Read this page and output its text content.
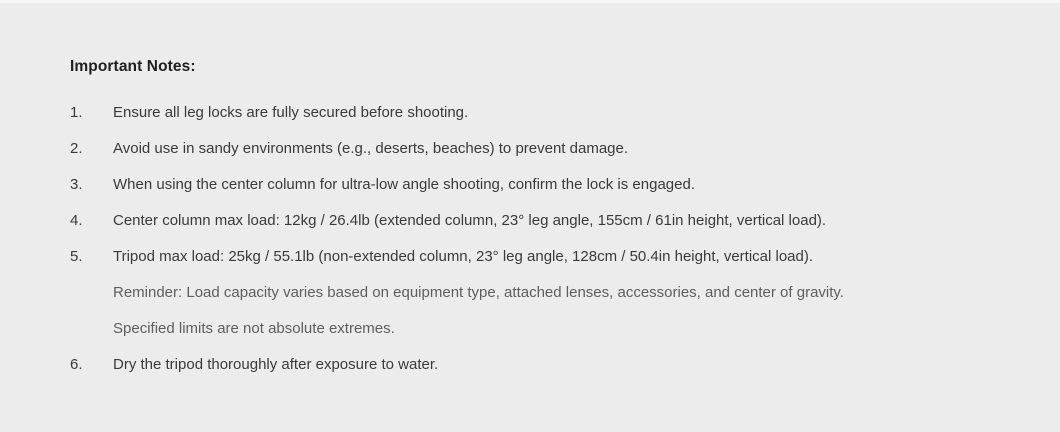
Important Notes:
1.	Ensure all leg locks are fully secured before shooting.
2.	Avoid use in sandy environments (e.g., deserts, beaches) to prevent damage.
3.	When using the center column for ultra-low angle shooting, confirm the lock is engaged.
4.	Center column max load: 12kg / 26.4lb (extended column, 23° leg angle, 155cm / 61in height, vertical load).
5.	Tripod max load: 25kg / 55.1lb (non-extended column, 23° leg angle, 128cm / 50.4in height, vertical load).
Reminder: Load capacity varies based on equipment type, attached lenses, accessories, and center of gravity.
Specified limits are not absolute extremes.
6.	Dry the tripod thoroughly after exposure to water.
